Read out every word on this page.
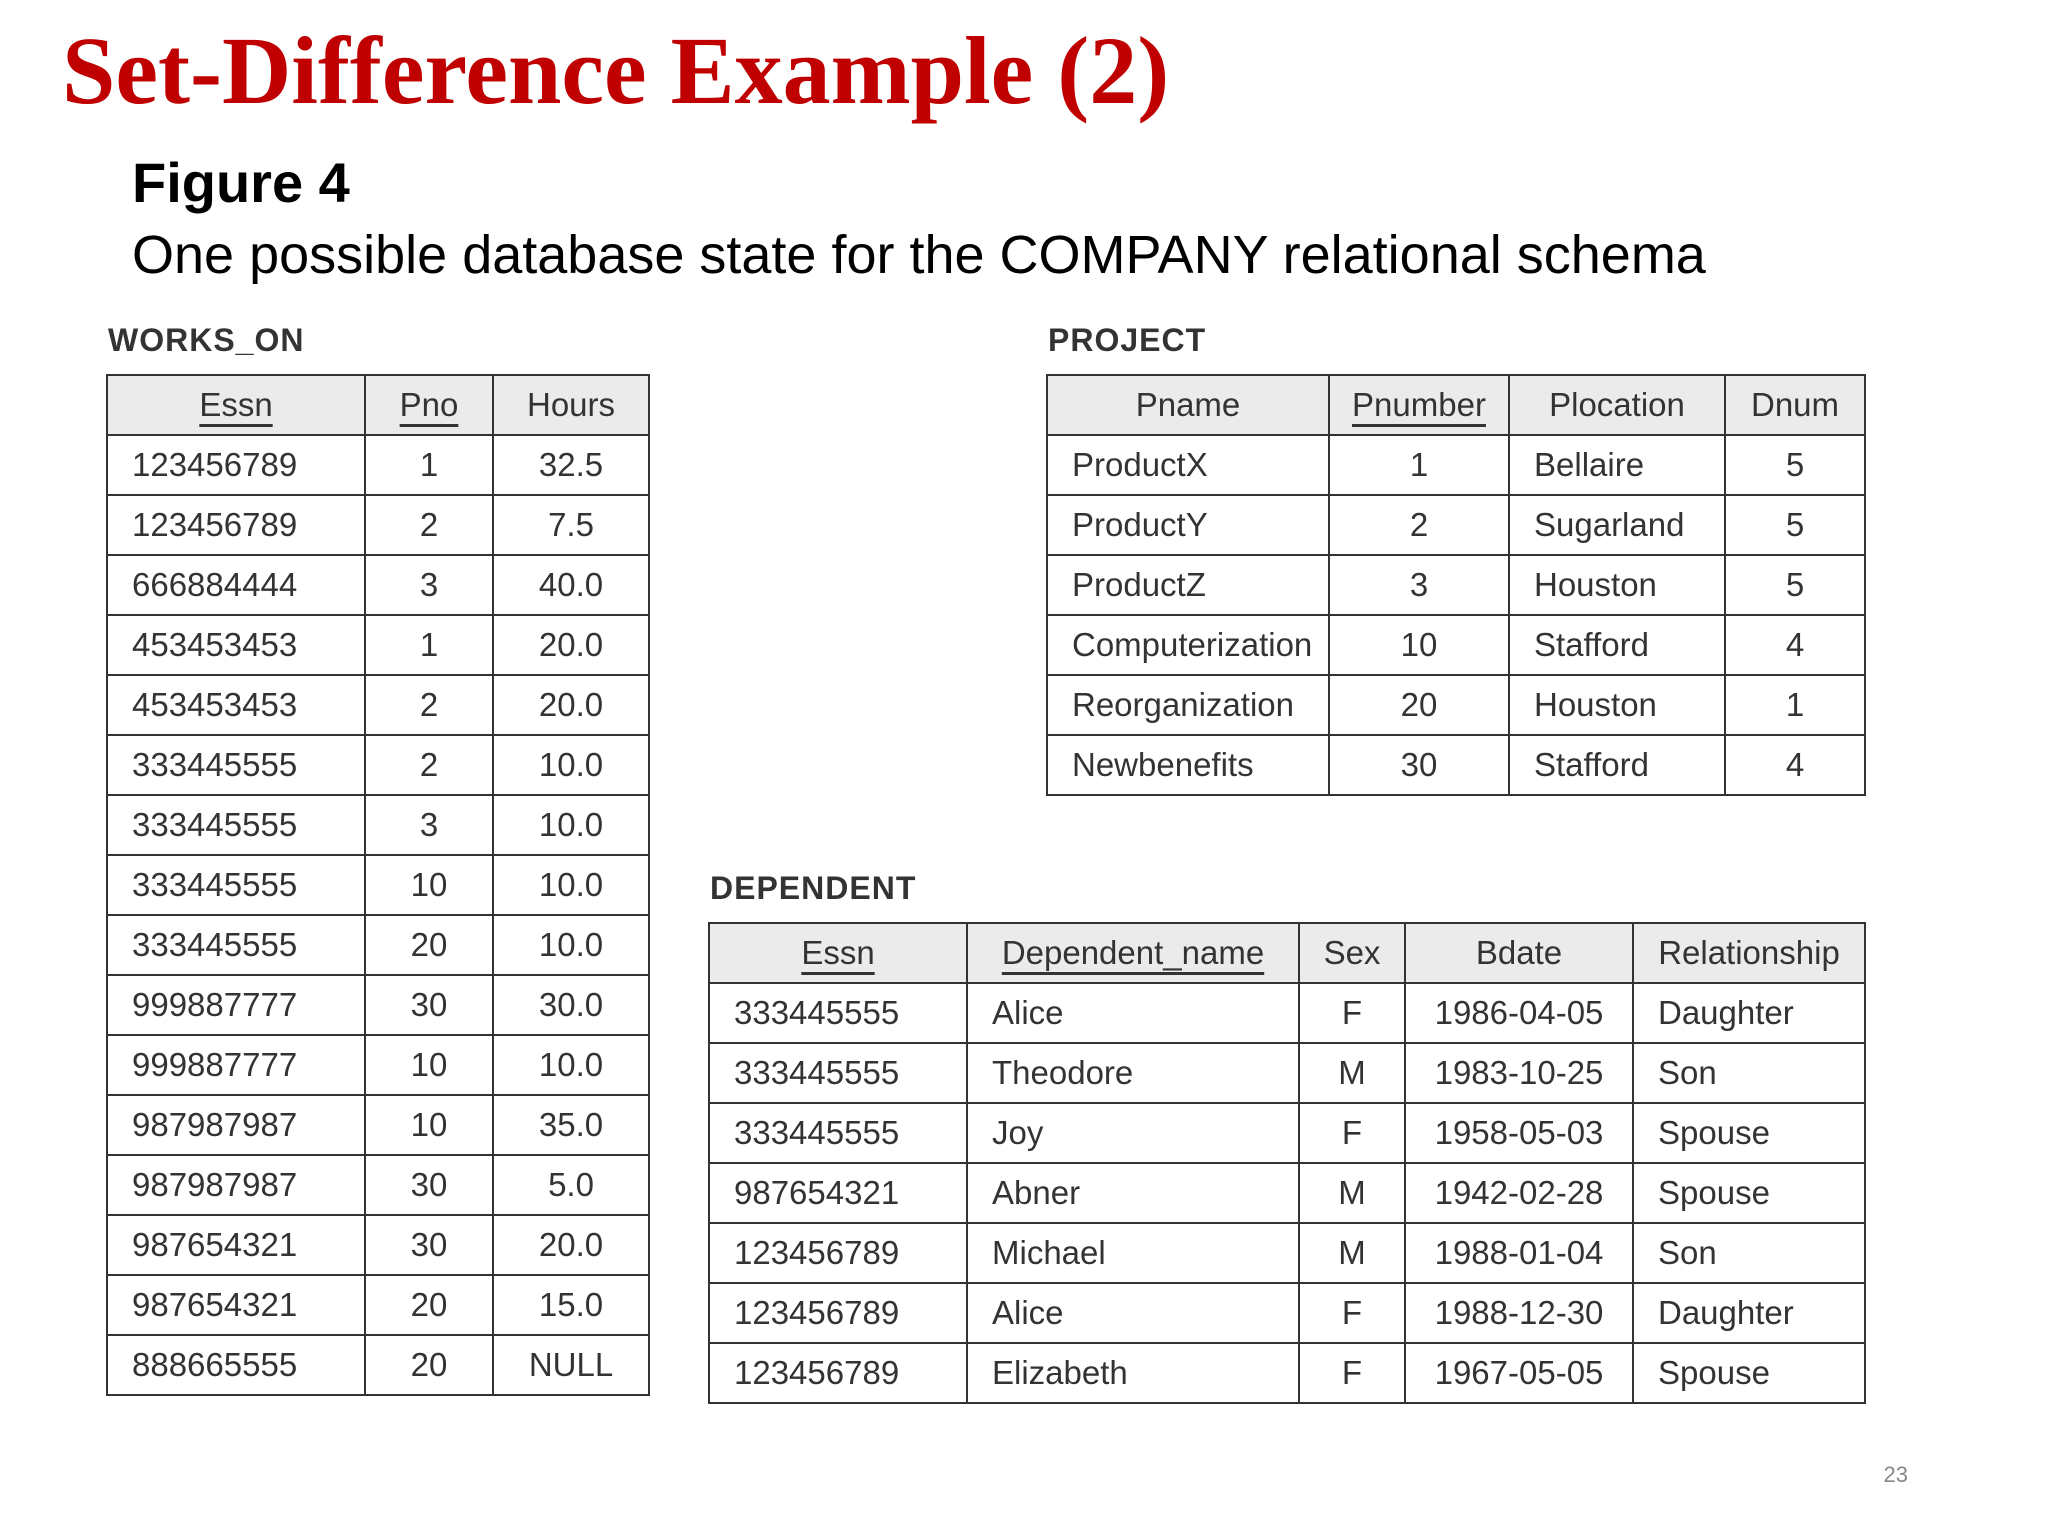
Set-Difference Example (2)
Figure 4
One possible database state for the COMPANY relational schema
WORKS_ON
Essn	Pno	Hours
123456789	1	32.5
123456789	2	7.5
666884444	3	40.0
453453453	1	20.0
453453453	2	20.0
333445555	2	10.0
333445555	3	10.0
333445555	10	10.0
333445555	20	10.0
999887777	30	30.0
999887777	10	10.0
987987987	10	35.0
987987987	30	5.0
987654321	30	20.0
987654321	20	15.0
888665555	20	NULL
PROJECT
Pname	Pnumber	Plocation	Dnum
ProductX	1	Bellaire	5
ProductY	2	Sugarland	5
ProductZ	3	Houston	5
Computerization	10	Stafford	4
Reorganization	20	Houston	1
Newbenefits	30	Stafford	4
DEPENDENT
Essn	Dependent_name	Sex	Bdate	Relationship
333445555	Alice	F	1986-04-05	Daughter
333445555	Theodore	M	1983-10-25	Son
333445555	Joy	F	1958-05-03	Spouse
987654321	Abner	M	1942-02-28	Spouse
123456789	Michael	M	1988-01-04	Son
123456789	Alice	F	1988-12-30	Daughter
123456789	Elizabeth	F	1967-05-05	Spouse
23
